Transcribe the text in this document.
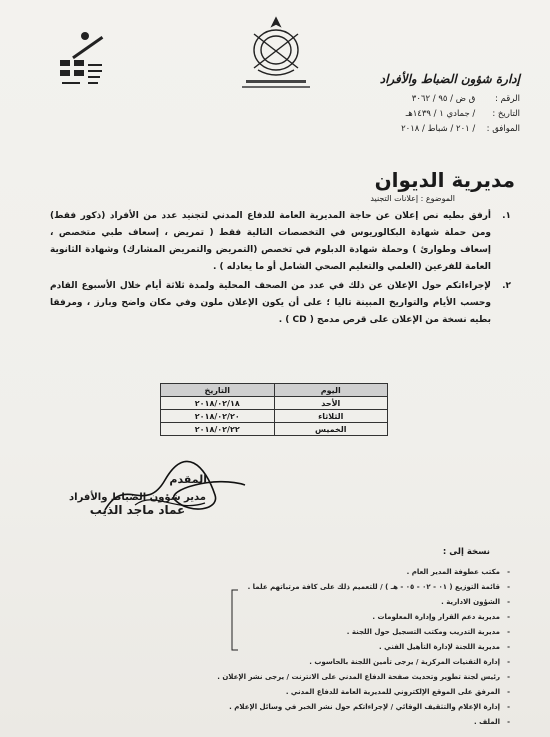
إدارة شؤون الضباط والأفراد
الرقم : ق ض / ٩٥ / ٣٠٦٢
التاريخ : / جمادي ١ / ١٤٣٩هـ
الموافق : / ٢٠١ / شباط / ٢٠١٨
مديرية الديوان
الموضوع : إعلانات التجنيد
١.
أرفق بطيه نص إعلان عن حاجة المديرية العامة للدفاع المدني لتجنيد عدد من الأفراد (ذكور فقط) ومن حملة شهادة البكالوريوس في التخصصات التالية فقط ( تمريض ، إسعاف طبي متخصص ، إسعاف وطوارئ ) وحملة شهادة الدبلوم في تخصص (التمريض والتمريض المشارك) وشهادة الثانوية العامة للفرعين (العلمي والتعليم الصحي الشامل أو ما يعادله ) .
٢.
لإجراءاتكم حول الإعلان عن ذلك في عدد من الصحف المحلية ولمدة ثلاثة أيام خلال الأسبوع القادم وحسب الأيام والتواريخ المبينة تاليا ؛ على أن يكون الإعلان ملون وفي مكان واضح وبارز ، ومرفقا بطيه نسخة من الإعلان على قرص مدمج ( CD ) .
اليوم	التاريخ
الأحد	٢٠١٨/٠٢/١٨
الثلاثاء	٢٠١٨/٠٢/٢٠
الخميس	٢٠١٨/٠٢/٢٢
المقدم
مدير شؤون الضباط والأفراد
عماد ماجد الذيب
نسخة إلى :
- مكتب عطوفة المدير العام .
- قائمة التوزيع ( ٠١ - ٠٢ - ٠٥ - هـ ) / للتعميم ذلك على كافة مرتباتهم علما .
- الشؤون الادارية .
- مديرية دعم القرار وإدارة المعلومات .
- مديرية التدريب ومكتب التسجيل حول اللجنة .
- مديرية اللجنة لإدارة التأهيل الفني .
- إدارة التقنيات المركزية / يرجى تأمين اللجنة بالحاسوب .
- رئيس لجنة تطوير وتحديث صفحة الدفاع المدني على الانترنت / يرجى نشر الإعلان .
- المرفق على الموقع الإلكتروني للمديرية العامة للدفاع المدني .
- إدارة الإعلام والتثقيف الوقائي / لإجراءاتكم حول نشر الخبر في وسائل الإعلام .
- الملف .
